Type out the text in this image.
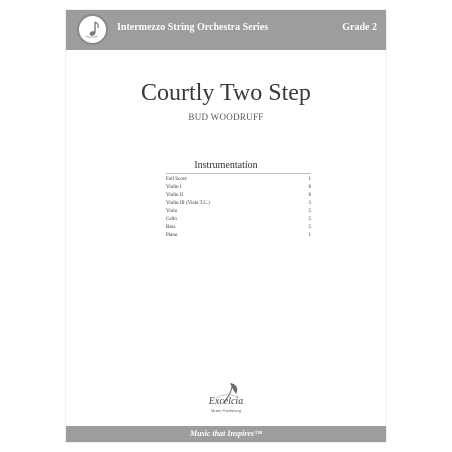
Intermezzo String Orchestra Series	Grade 2
Courtly Two Step
BUD WOODRUFF
Instrumentation
Full Score	1
Violin I	8
Violin II	8
Violin III (Viola T.C.)	3
Viola	5
Cello	5
Bass	5
Piano	1
Excelcia
Music Publishing
Music that Inspires™
